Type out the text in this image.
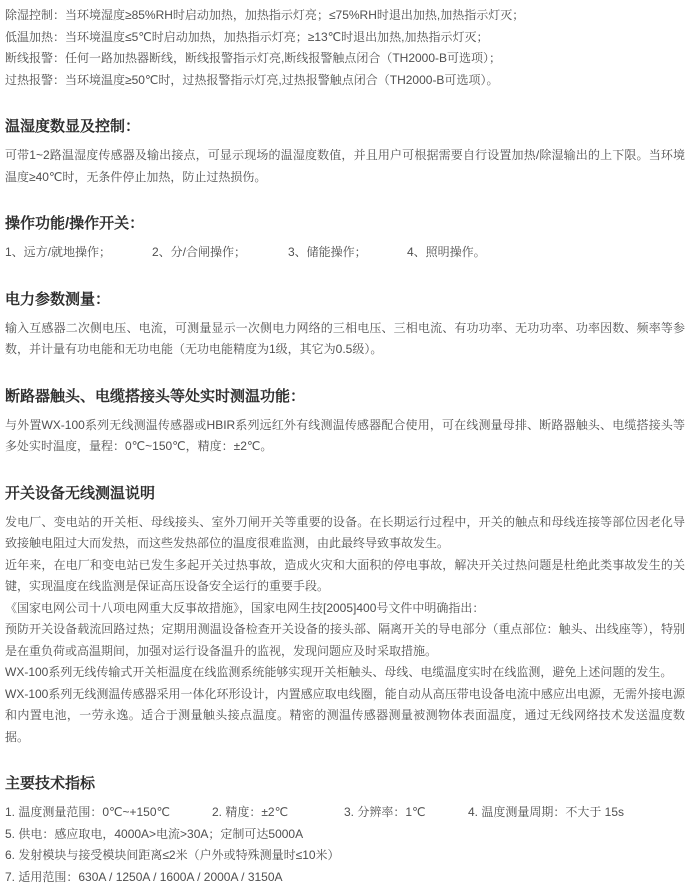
除湿控制：当环境湿度≥85%RH时启动加热，加热指示灯亮；≤75%RH时退出加热,加热指示灯灭；

低温加热：当环境温度≤5℃时启动加热，加热指示灯亮；≥13℃时退出加热,加热指示灯灭；

断线报警：任何一路加热器断线，断线报警指示灯亮,断线报警触点闭合（TH2000-B可选项）；

过热报警：当环境温度≥50℃时，过热报警指示灯亮,过热报警触点闭合（TH2000-B可选项）。

温湿度数显及控制：

可带1~2路温湿度传感器及输出接点，可显示现场的温湿度数值，并且用户可根据需要自行设置加热/除湿输出的上下限。当环境温度≥40℃时，无条件停止加热，防止过热损伤。

操作功能/操作开关：
1、远方/就地操作；	2、分/合闸操作；	3、储能操作；	4、照明操作。
电力参数测量：

输入互感器二次侧电压、电流，可测量显示一次侧电力网络的三相电压、三相电流、有功功率、无功功率、功率因数、频率等参数，并计量有功电能和无功电能（无功电能精度为1级，其它为0.5级）。

断路器触头、电缆搭接头等处实时测温功能：

与外置WX-100系列无线测温传感器或HBIR系列远红外有线测温传感器配合使用，可在线测量母排、断路器触头、电缆搭接头等多处实时温度，量程：0℃~150℃，精度：±2℃。

开关设备无线测温说明

发电厂、变电站的开关柜、母线接头、室外刀闸开关等重要的设备。在长期运行过程中，开关的触点和母线连接等部位因老化导致接触电阻过大而发热，而这些发热部位的温度很难监测，由此最终导致事故发生。

近年来，在电厂和变电站已发生多起开关过热事故，造成火灾和大面积的停电事故，解决开关过热问题是杜绝此类事故发生的关键，实现温度在线监测是保证高压设备安全运行的重要手段。

《国家电网公司十八项电网重大反事故措施》，国家电网生技[2005]400号文件中明确指出：

预防开关设备载流回路过热；定期用测温设备检查开关设备的接头部、隔离开关的导电部分（重点部位：触头、出线座等），特别是在重负荷或高温期间，加强对运行设备温升的监视，发现问题应及时采取措施。

WX-100系列无线传输式开关柜温度在线监测系统能够实现开关柜触头、母线、电缆温度实时在线监测，避免上述问题的发生。

WX-100系列无线测温传感器采用一体化环形设计，内置感应取电线圈，能自动从高压带电设备电流中感应出电源，无需外接电源和内置电池，一劳永逸。适合于测量触头接点温度。精密的测温传感器测量被测物体表面温度，通过无线网络技术发送温度数据。

主要技术指标
1. 温度测量范围：0℃~+150℃	2. 精度：±2℃	3. 分辨率：1℃	4. 温度测量周期：不大于 15s

5. 供电：感应取电，4000A>电流>30A；定制可达5000A

6. 发射模块与接受模块间距离≤2米（户外或特殊测量时≤10米）

7. 适用范围：630A / 1250A / 1600A / 2000A / 3150A
